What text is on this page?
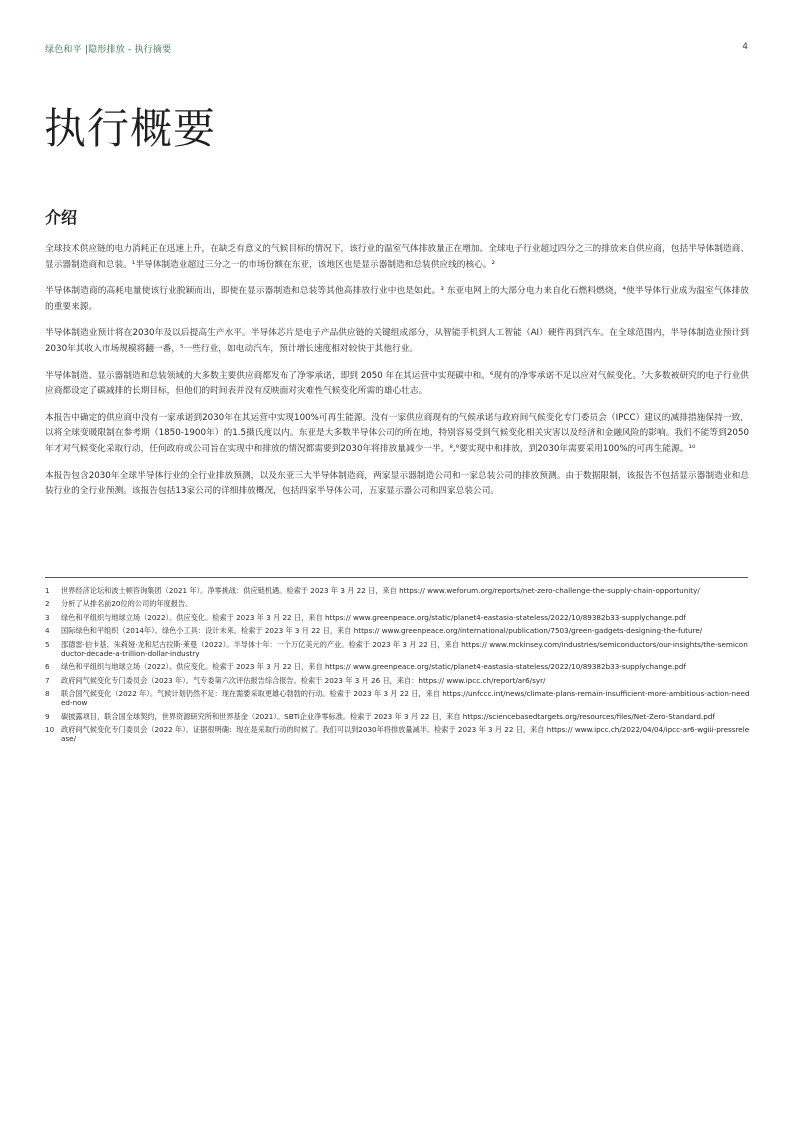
绿色和平 |隐形排放 - 执行摘要	4
执行概要
介绍

全球技术供应链的电力消耗正在迅速上升，在缺乏有意义的气候目标的情况下，该行业的温室气体排放量正在增加。全球电子行业超过四分之三的排放来自供应商，包括半导体制造商、显示器制造商和总装。¹半导体制造业超过三分之一的市场份额在东亚，该地区也是显示器制造和总装供应线的核心。²

半导体制造商的高耗电量使该行业脱颖而出，即使在显示器制造和总装等其他高排放行业中也是如此。³ 东亚电网上的大部分电力来自化石燃料燃烧，⁴使半导体行业成为温室气体排放的重要来源。

半导体制造业预计将在2030年及以后提高生产水平。半导体芯片是电子产品供应链的关键组成部分，从智能手机到人工智能（AI）硬件再到汽车。在全球范围内，半导体制造业预计到2030年其收入市场规模将翻一番，⁵一些行业，如电动汽车，预计增长速度相对较快于其他行业。

半导体制造、显示器制造和总装领域的大多数主要供应商都发布了净零承诺，即到 2050 年在其运营中实现碳中和。⁶现有的净零承诺不足以应对气候变化。⁷大多数被研究的电子行业供应商都设定了碳减排的长期目标，但他们的时间表并没有反映面对灾难性气候变化所需的雄心壮志。

本报告中确定的供应商中没有一家承诺到2030年在其运营中实现100%可再生能源。没有一家供应商现有的气候承诺与政府间气候变化专门委员会（IPCC）建议的减排措施保持一致，以将全球变暖限制在参考期（1850-1900年）的1.5摄氏度以内。东亚是大多数半导体公司的所在地，特别容易受到气候变化相关灾害以及经济和金融风险的影响。我们不能等到2050年才对气候变化采取行动，任何政府或公司旨在实现中和排放的情况都需要到2030年将排放量减少一半。⁸,⁹要实现中和排放，到2030年需要采用100%的可再生能源。¹⁰

本报告包含2030年全球半导体行业的全行业排放预测，以及东亚三大半导体制造商，两家显示器制造公司和一家总装公司的排放预测。由于数据限制，该报告不包括显示器制造业和总装行业的全行业预测。该报告包括13家公司的详细排放概况，包括四家半导体公司，五家显示器公司和四家总装公司。

1	世界经济论坛和波士顿咨询集团（2021 年）。净零挑战：供应链机遇。检索于 2023 年 3 月 22 日，来自 https:// www.weforum.org/reports/net-zero-challenge-the-supply-chain-opportunity/
2	分析了从排名前20位的公司的年度报告。
3	绿色和平组织与地球立场（2022）。供应变化。检索于 2023 年 3 月 22 日，来自 https:// www.greenpeace.org/static/planet4-eastasia-stateless/2022/10/89382b33-supplychange.pdf
4	国际绿色和平组织（2014年）。绿色小工具：设计未来。检索于 2023 年 3 月 22 日，来自 https:// www.greenpeace.org/international/publication/7503/green-gadgets-designing-the-future/
5	邵德雷·伯卡基、朱莉娅·龙和尼古拉斯·莱曼（2022）。半导体十年：一个万亿美元的产业。检索于 2023 年 3 月 22 日，来自 https:// www.mckinsey.com/industries/semiconductors/our-insights/the-semiconductor-decade-a-trillion-dollar-industry
6	绿色和平组织与地球立场（2022）。供应变化。检索于 2023 年 3 月 22 日，来自 https:// www.greenpeace.org/static/planet4-eastasia-stateless/2022/10/89382b33-supplychange.pdf
7	政府间气候变化专门委员会（2023 年）。气专委第六次评估报告综合报告。检索于 2023 年 3 月 26 日，来自：https:// www.ipcc.ch/report/ar6/syr/
8	联合国气候变化（2022 年）。气候计划仍然不足：现在需要采取更雄心勃勃的行动。检索于 2023 年 3 月 22 日，来自 https://unfccc.int/news/climate-plans-remain-insufficient-more-ambitious-action-needed-now
9	碳披露项目，联合国全球契约，世界资源研究所和世界基金（2021）。SBTi企业净零标准。检索于 2023 年 3 月 22 日，来自 https://sciencebasedtargets.org/resources/files/Net-Zero-Standard.pdf
10 政府间气候变化专门委员会（2022 年）。证据很明确：现在是采取行动的时候了。我们可以到2030年将排放量减半。检索于 2023 年 3 月 22 日，来自 https:// www.ipcc.ch/2022/04/04/ipcc-ar6-wgiii-pressrelease/
